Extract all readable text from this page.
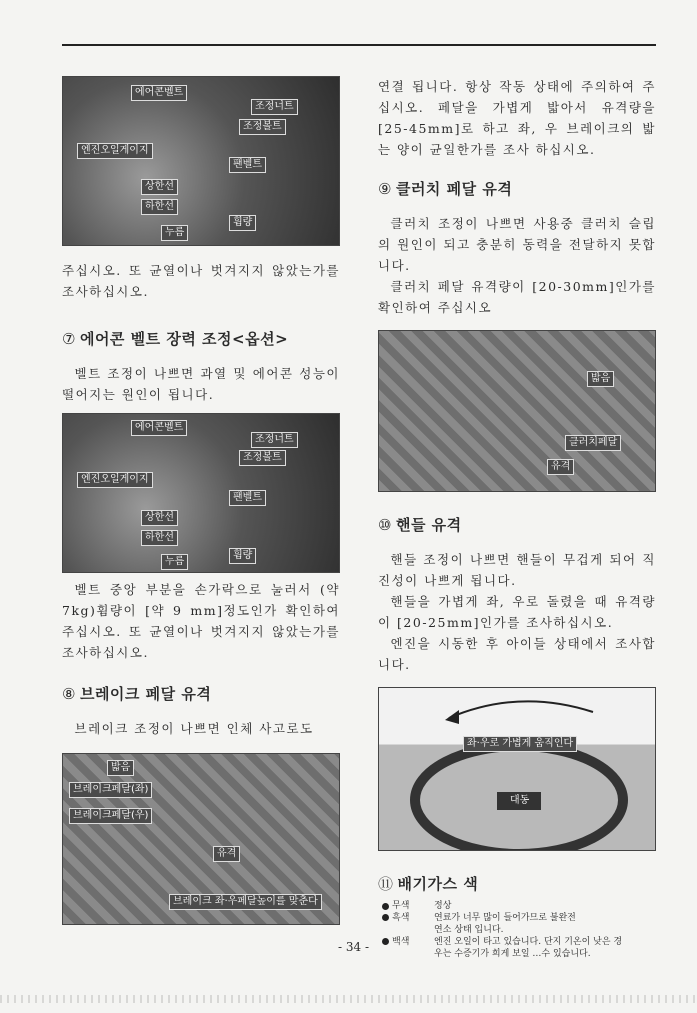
에어콘벨트
조정너트
조정볼트
엔진오일게이지
팬벨트
상한선
하한선
누름
휨량

주십시오. 또 균열이나 벗겨지지 않았는가를 조사하십시오.

⑦ 에어콘 벨트 장력 조정<옵션>

벨트 조정이 나쁘면 과열 및 에어콘 성능이 떨어지는 원인이 됩니다.

에어콘벨트
조정너트
조정볼트
엔진오일게이지
팬벨트
상한선
하한선
누름
휨량

벨트 중앙 부분을 손가락으로 눌러서 (약7kg)휨량이 [약 9 mm]정도인가 확인하여 주십시오. 또 균열이나 벗겨지지 않았는가를 조사하십시오.

⑧ 브레이크 페달 유격

브레이크 조정이 나쁘면 인체 사고로도

밟음
브레이크페달(좌)
브레이크페달(우)
유격
브레이크 좌·우페달높이를 맞춘다

연결 됩니다. 항상 작동 상태에 주의하여 주십시오. 페달을 가볍게 밟아서 유격량을 [25-45mm]로 하고 좌, 우 브레이크의 밟는 양이 균일한가를 조사 하십시오.

⑨ 클러치 페달 유격

클러치 조정이 나쁘면 사용중 클러치 슬립의 원인이 되고 충분히 동력을 전달하지 못합니다.

클러치 페달 유격량이 [20-30mm]인가를 확인하여 주십시오

밟음
클러치페달
유격
⑩ 핸들 유격

핸들 조정이 나쁘면 핸들이 무겁게 되어 직진성이 나쁘게 됩니다.

핸들을 가볍게 좌, 우로 돌렸을 때 유격량이 [20-25mm]인가를 조사하십시오.

엔진을 시동한 후 아이들 상태에서 조사합니다.

좌·우로 가볍게 움직인다
대동
⑪ 배기가스 색
무색	정상
흑색	연료가 너무 많이 들어가므로 불완전 연소 상태 입니다.
백색	엔진 오일이 타고 있습니다. 단지 기온이 낮은 경우는 수증기가 희게 보일 …수 있습니다.
- 34 -
